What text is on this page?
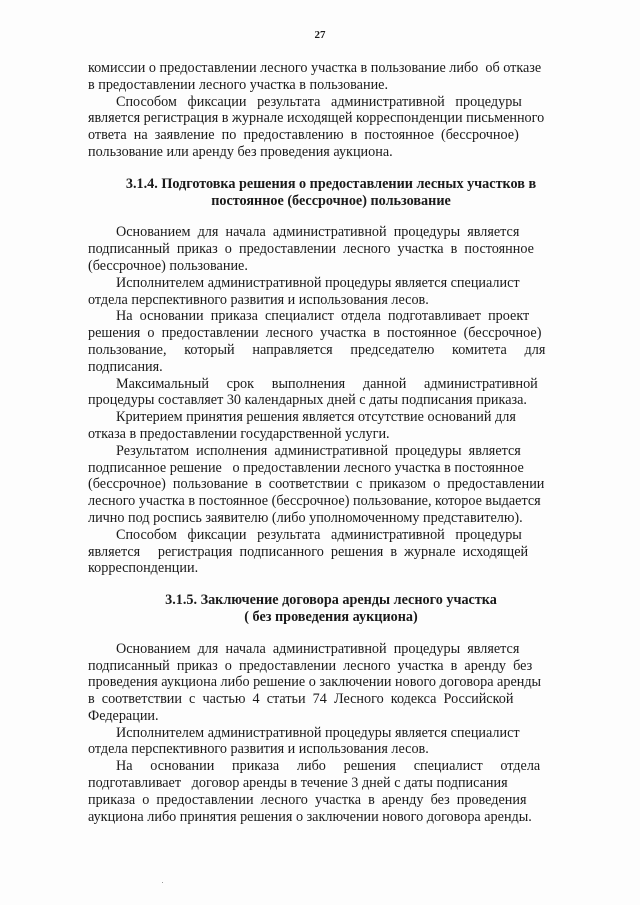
27
комиссии о предоставлении лесного участка в пользование либо  об отказе
в предоставлении лесного участка в пользование.
Способом   фиксации   результата   административной   процедуры
является регистрация в журнале исходящей корреспонденции письменного
ответа  на  заявление  по  предоставлению  в  постоянное  (бессрочное)
пользование или аренду без проведения аукциона.
3.1.4. Подготовка решения о предоставлении лесных участков в
постоянное (бессрочное) пользование
Основанием  для  начала  административной  процедуры  является
подписанный  приказ  о  предоставлении  лесного  участка  в  постоянное
(бессрочное) пользование.
Исполнителем административной процедуры является специалист
отдела перспективного развития и использования лесов.
На  основании  приказа  специалист  отдела  подготавливает  проект
решения  о  предоставлении  лесного  участка  в  постоянное  (бессрочное)
пользование,     который     направляется     председателю     комитета     для
подписания.
Максимальный     срок     выполнения     данной     административной
процедуры составляет 30 календарных дней с даты подписания приказа.
Критерием принятия решения является отсутствие оснований для
отказа в предоставлении государственной услуги.
Результатом  исполнения  административной  процедуры  является
подписанное решение   о предоставлении лесного участка в постоянное
(бессрочное)  пользование  в  соответствии  с  приказом  о  предоставлении
лесного участка в постоянное (бессрочное) пользование, которое выдается
лично под роспись заявителю (либо уполномоченному представителю).
Способом   фиксации   результата   административной   процедуры
является     регистрация  подписанного  решения  в  журнале  исходящей
корреспонденции.
3.1.5. Заключение договора аренды лесного участка
( без проведения аукциона)
Основанием  для  начала  административной  процедуры  является
подписанный  приказ  о  предоставлении  лесного  участка  в  аренду  без
проведения аукциона либо решение о заключении нового договора аренды
в  соответствии  с  частью  4  статьи  74  Лесного  кодекса  Российской
Федерации.
Исполнителем административной процедуры является специалист
отдела перспективного развития и использования лесов.
На     основании     приказа     либо     решения     специалист     отдела
подготавливает   договор аренды в течение 3 дней с даты подписания
приказа  о  предоставлении  лесного  участка  в  аренду  без  проведения
аукциона либо принятия решения о заключении нового договора аренды.
